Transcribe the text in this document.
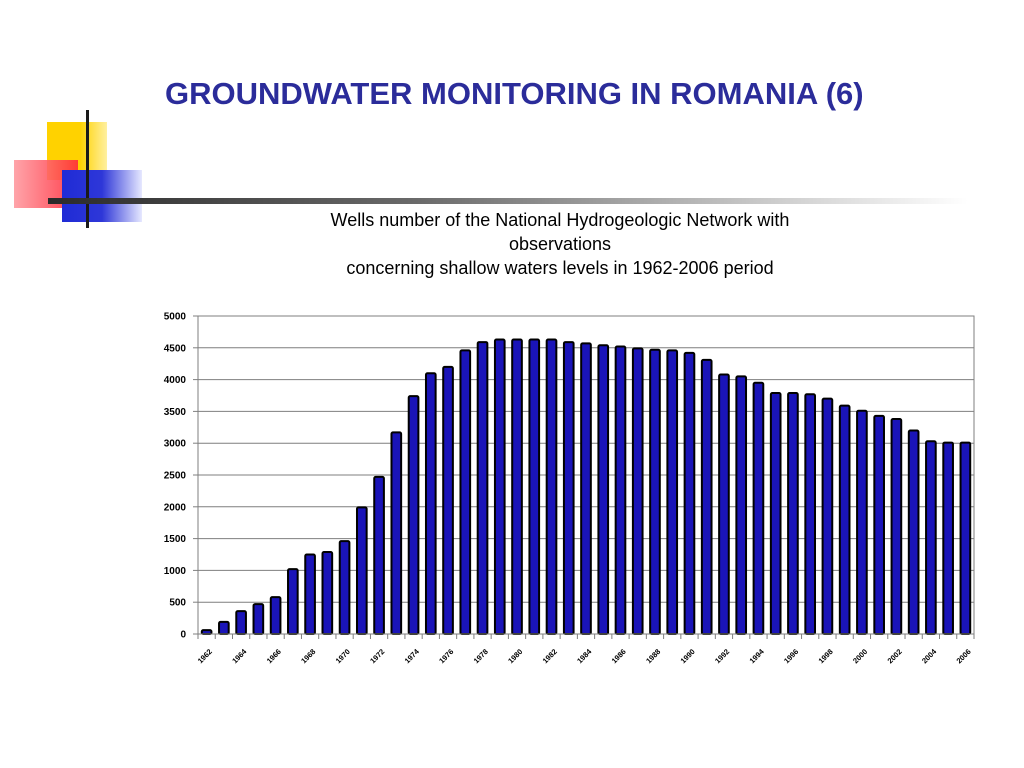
GROUNDWATER MONITORING IN ROMANIA (6)
Wells number of the National Hydrogeologic Network with
observations
concerning shallow waters levels in 1962-2006 period
0
500
1000
1500
2000
2500
3000
3500
4000
4500
5000
1962 1964 1966 1968 1970 1972 1974 1976 1978 1980 1982 1984 1986 1988 1990 1992 1994 1996 1998 2000 2002 2004 2006
